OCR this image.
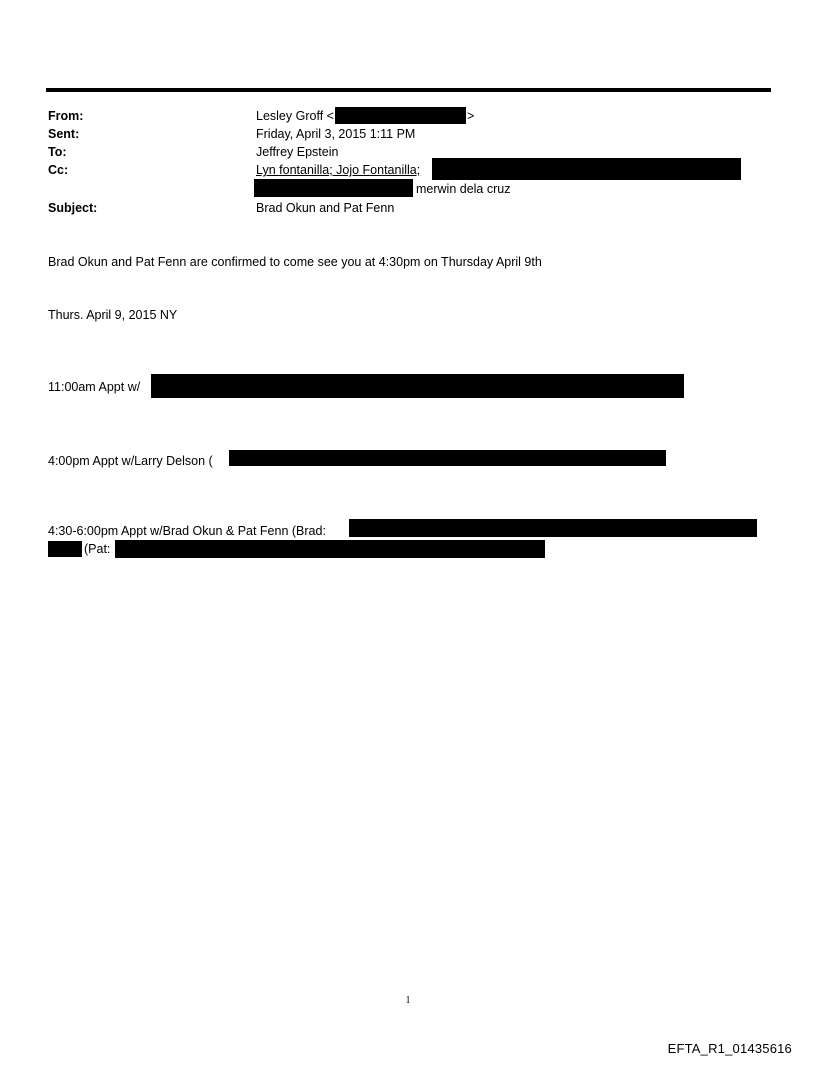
From:
Sent:
To:
Cc:
Subject:
Lesley Groff <	>
Friday, April 3, 2015 1:11 PM
Jeffrey Epstein
Lyn fontanilla; Jojo Fontanilla;
merwin dela cruz
Brad Okun and Pat Fenn
Brad Okun and Pat Fenn are confirmed to come see you at 4:30pm on Thursday April 9th
Thurs. April 9, 2015 NY
11:00am Appt w/
4:00pm Appt w/Larry Delson (
4:30-6:00pm Appt w/Brad Okun & Pat Fenn (Brad:
(Pat:
1
EFTA_R1_01435616
